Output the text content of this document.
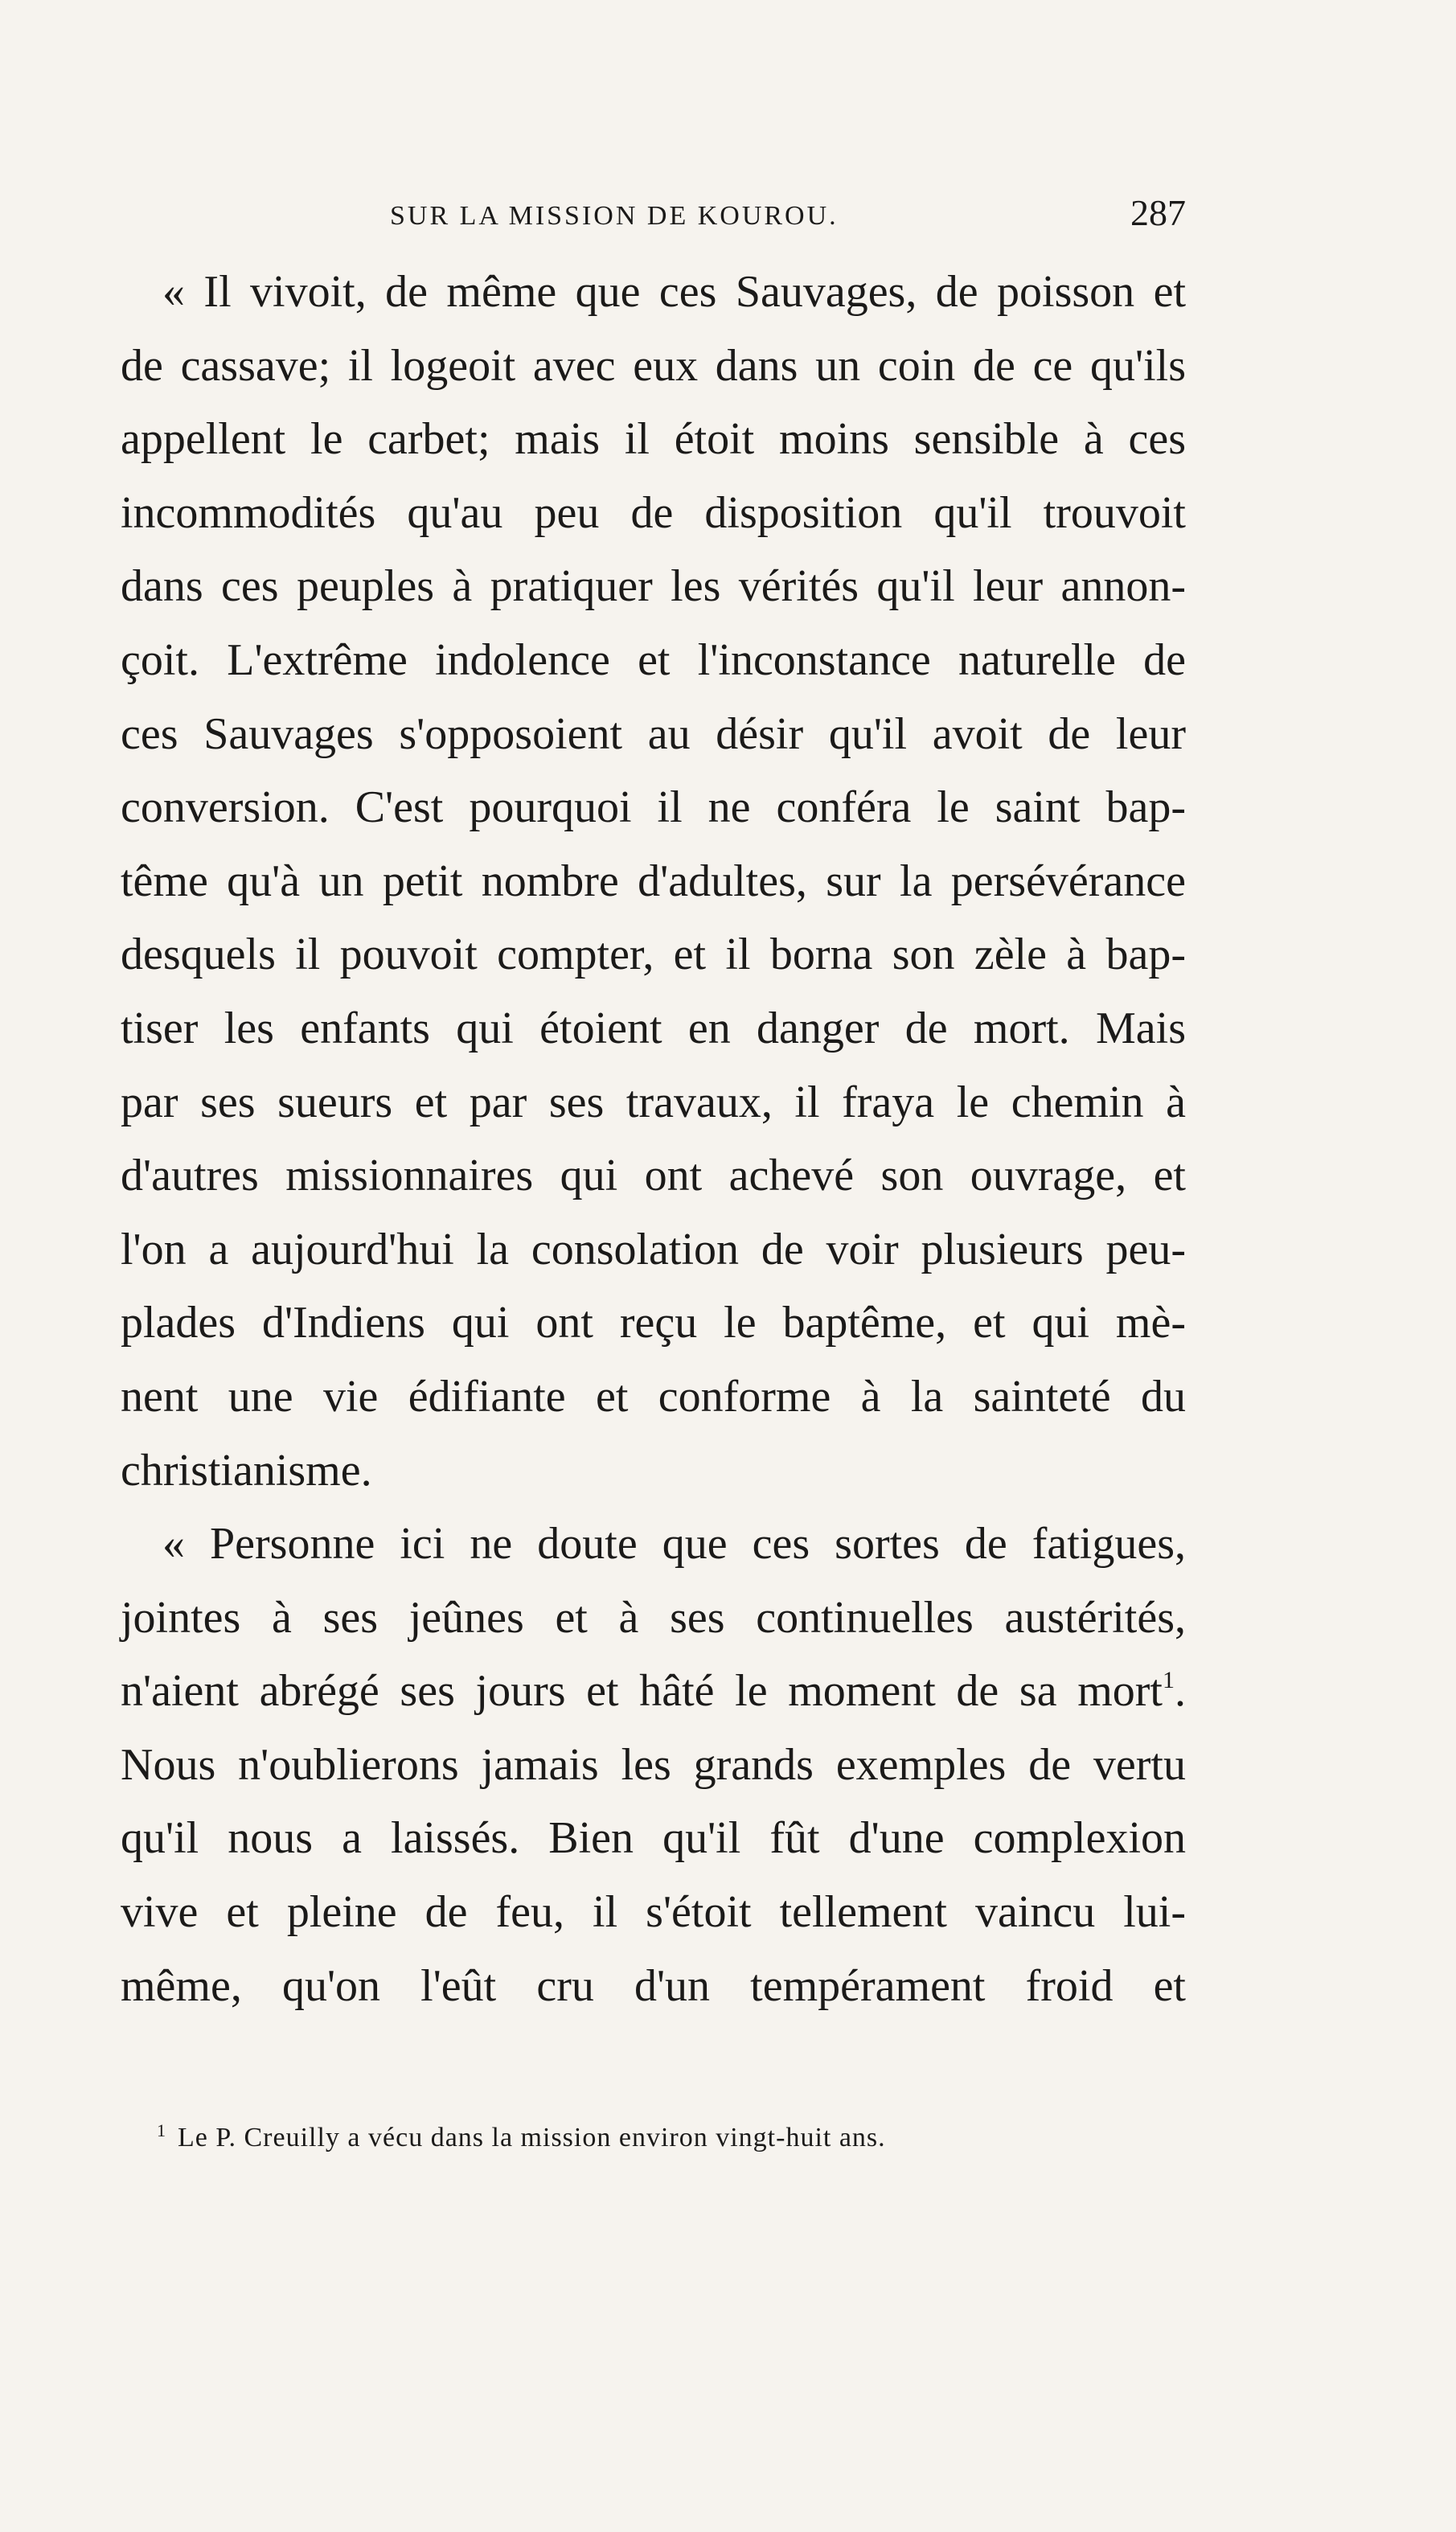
SUR LA MISSION DE KOUROU.	287
« Il vivoit, de même que ces Sauvages, de poisson et
de cassave; il logeoit avec eux dans un coin de ce qu'ils
appellent le carbet; mais il étoit moins sensible à ces
incommodités qu'au peu de disposition qu'il trouvoit
dans ces peuples à pratiquer les vérités qu'il leur annon-
çoit. L'extrême indolence et l'inconstance naturelle de
ces Sauvages s'opposoient au désir qu'il avoit de leur
conversion. C'est pourquoi il ne conféra le saint bap-
tême qu'à un petit nombre d'adultes, sur la persévérance
desquels il pouvoit compter, et il borna son zèle à bap-
tiser les enfants qui étoient en danger de mort. Mais
par ses sueurs et par ses travaux, il fraya le chemin à
d'autres missionnaires qui ont achevé son ouvrage, et
l'on a aujourd'hui la consolation de voir plusieurs peu-
plades d'Indiens qui ont reçu le baptême, et qui mè-
nent une vie édifiante et conforme à la sainteté du
christianisme.
« Personne ici ne doute que ces sortes de fatigues,
jointes à ses jeûnes et à ses continuelles austérités,
n'aient abrégé ses jours et hâté le moment de sa mort$^1$.
Nous n'oublierons jamais les grands exemples de vertu
qu'il nous a laissés. Bien qu'il fût d'une complexion
vive et pleine de feu, il s'étoit tellement vaincu lui-
même, qu'on l'eût cru d'un tempérament froid et
$^1$ Le P. Creuilly a vécu dans la mission environ vingt-huit ans.
